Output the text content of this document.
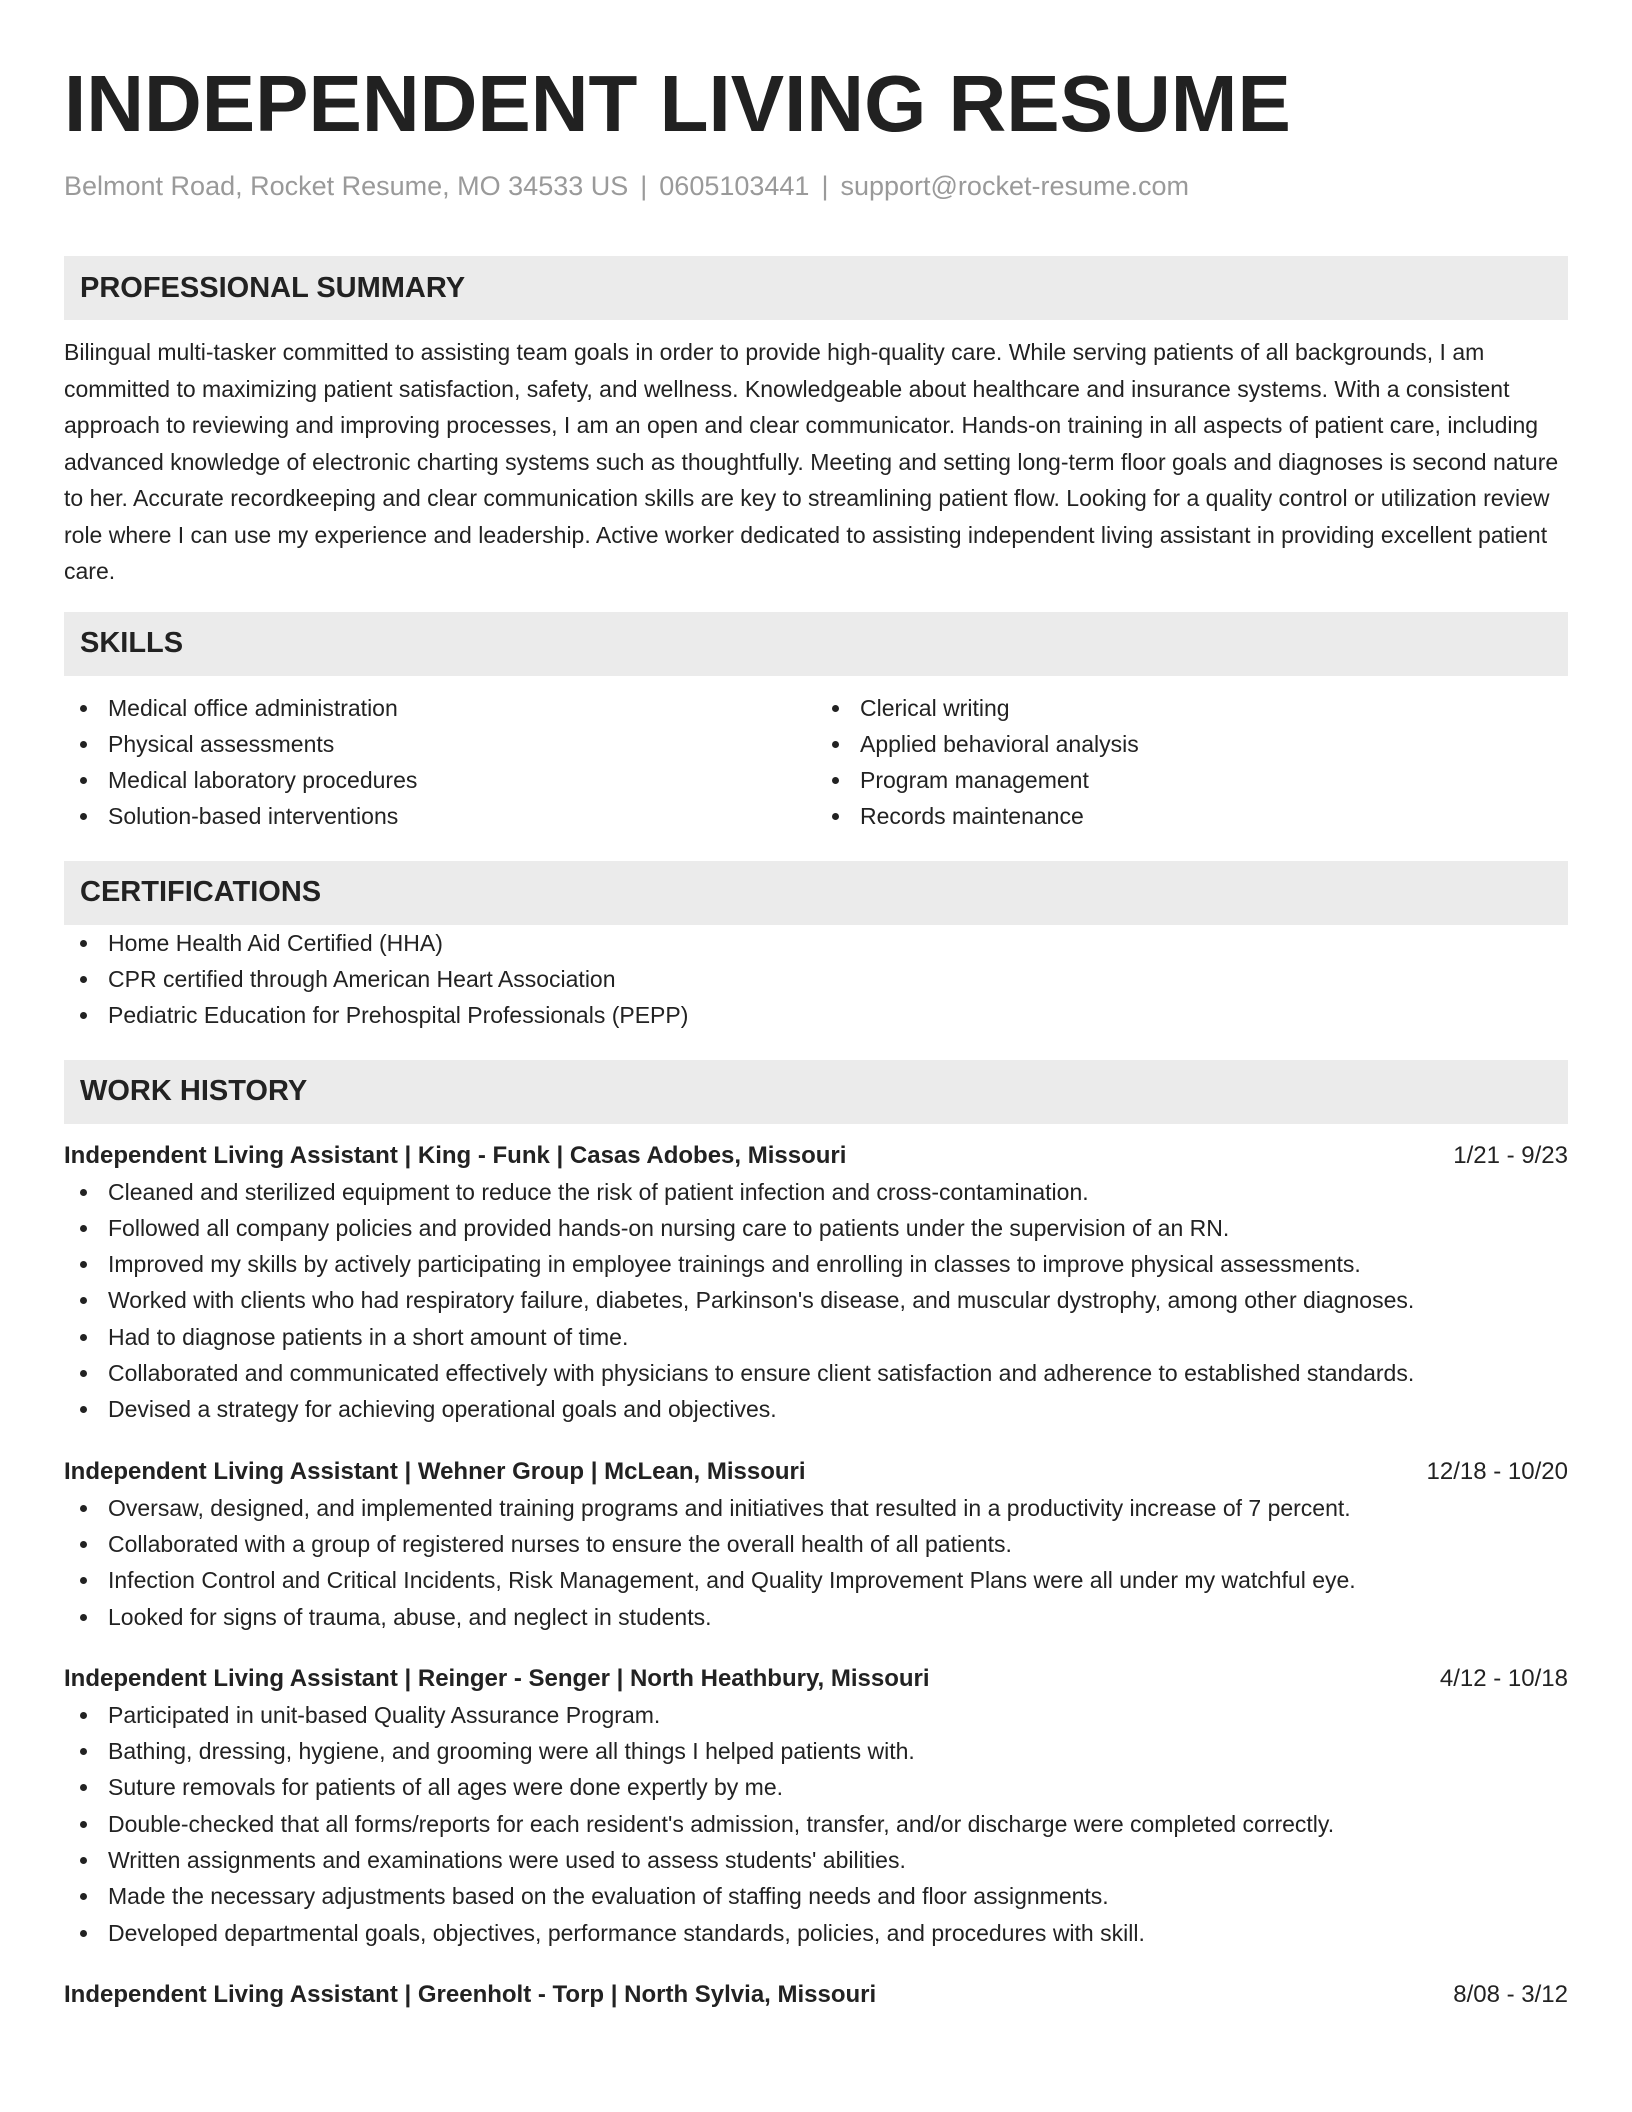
INDEPENDENT LIVING RESUME
Belmont Road, Rocket Resume, MO 34533 US | 0605103441 | support@rocket-resume.com
PROFESSIONAL SUMMARY

Bilingual multi-tasker committed to assisting team goals in order to provide high-quality care. While serving patients of all backgrounds, I am committed to maximizing patient satisfaction, safety, and wellness. Knowledgeable about healthcare and insurance systems. With a consistent approach to reviewing and improving processes, I am an open and clear communicator. Hands-on training in all aspects of patient care, including advanced knowledge of electronic charting systems such as thoughtfully. Meeting and setting long-term floor goals and diagnoses is second nature to her. Accurate recordkeeping and clear communication skills are key to streamlining patient flow. Looking for a quality control or utilization review role where I can use my experience and leadership. Active worker dedicated to assisting independent living assistant in providing excellent patient care.

SKILLS
Medical office administration
Physical assessments
Medical laboratory procedures
Solution-based interventions
Clerical writing
Applied behavioral analysis
Program management
Records maintenance
CERTIFICATIONS
Home Health Aid Certified (HHA)
CPR certified through American Heart Association
Pediatric Education for Prehospital Professionals (PEPP)
WORK HISTORY
Independent Living Assistant | King - Funk | Casas Adobes, Missouri	1/21 - 9/23
Cleaned and sterilized equipment to reduce the risk of patient infection and cross-contamination.
Followed all company policies and provided hands-on nursing care to patients under the supervision of an RN.
Improved my skills by actively participating in employee trainings and enrolling in classes to improve physical assessments.
Worked with clients who had respiratory failure, diabetes, Parkinson's disease, and muscular dystrophy, among other diagnoses.
Had to diagnose patients in a short amount of time.
Collaborated and communicated effectively with physicians to ensure client satisfaction and adherence to established standards.
Devised a strategy for achieving operational goals and objectives.
Independent Living Assistant | Wehner Group | McLean, Missouri	12/18 - 10/20
Oversaw, designed, and implemented training programs and initiatives that resulted in a productivity increase of 7 percent.
Collaborated with a group of registered nurses to ensure the overall health of all patients.
Infection Control and Critical Incidents, Risk Management, and Quality Improvement Plans were all under my watchful eye.
Looked for signs of trauma, abuse, and neglect in students.
Independent Living Assistant | Reinger - Senger | North Heathbury, Missouri	4/12 - 10/18
Participated in unit-based Quality Assurance Program.
Bathing, dressing, hygiene, and grooming were all things I helped patients with.
Suture removals for patients of all ages were done expertly by me.
Double-checked that all forms/reports for each resident's admission, transfer, and/or discharge were completed correctly.
Written assignments and examinations were used to assess students' abilities.
Made the necessary adjustments based on the evaluation of staffing needs and floor assignments.
Developed departmental goals, objectives, performance standards, policies, and procedures with skill.
Independent Living Assistant | Greenholt - Torp | North Sylvia, Missouri	8/08 - 3/12
